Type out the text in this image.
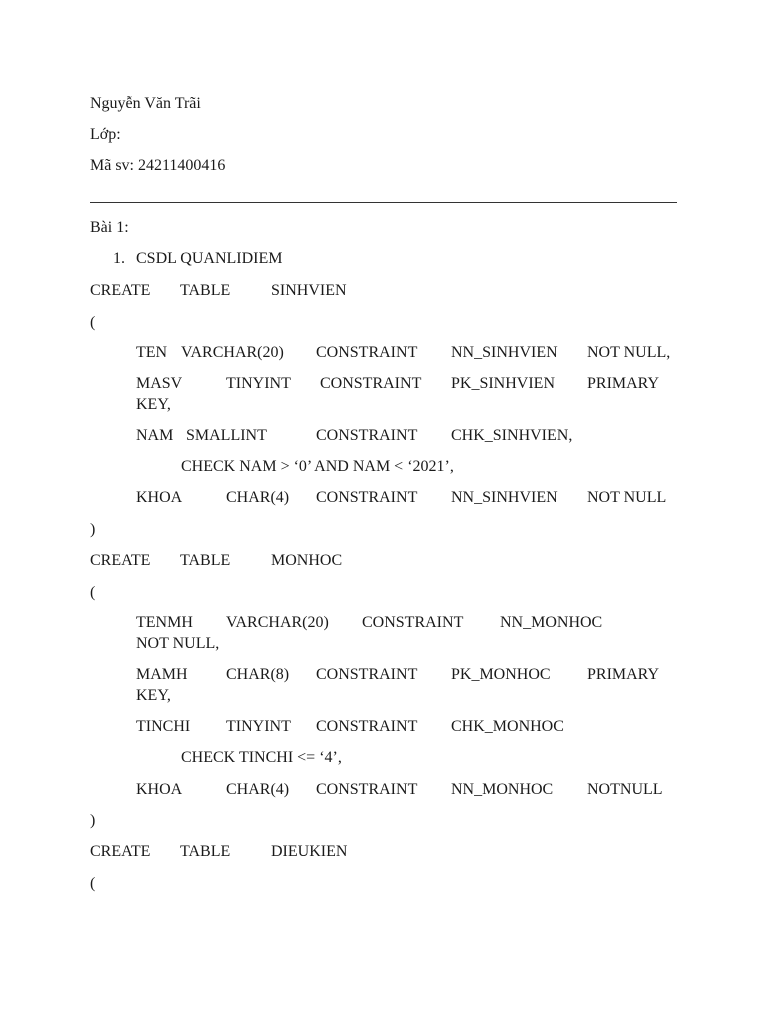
Nguyễn Văn Trãi
Lớp:
Mã sv: 24211400416
Bài 1:
1. CSDL QUANLIDIEM
CREATE TABLE	SINHVIEN
(
TEN VARCHAR(20) CONSTRAINT NN_SINHVIEN NOT NULL,
MASV	TINYINT CONSTRAINT PK_SINHVIEN PRIMARY
KEY,
NAM SMALLINT	CONSTRAINT CHK_SINHVIEN,
CHECK NAM > ‘0’ AND NAM < ‘2021’,
KHOA	CHAR(4) CONSTRAINT NN_SINHVIEN NOT NULL
)
CREATE TABLE	MONHOC
(
TENMH VARCHAR(20) CONSTRAINT NN_MONHOC
NOT NULL,
MAMH CHAR(8) CONSTRAINT PK_MONHOC PRIMARY
KEY,
TINCHI TINYINT CONSTRAINT CHK_MONHOC
CHECK TINCHI <= ‘4’,
KHOA	CHAR(4) CONSTRAINT NN_MONHOC NOTNULL
)
CREATE TABLE	DIEUKIEN
(
